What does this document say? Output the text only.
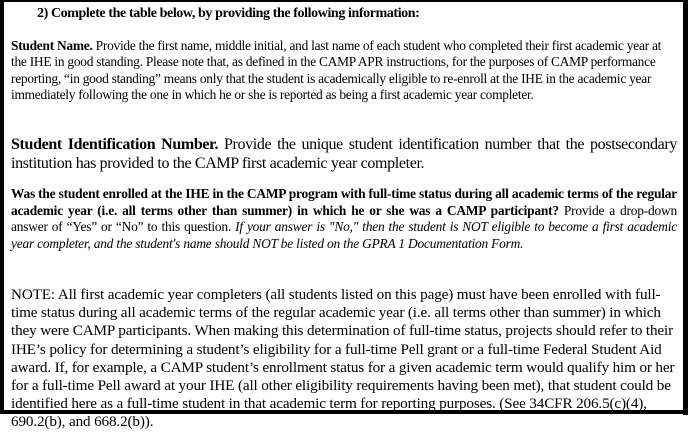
2) Complete the table below, by providing the following information:
Student Name. Provide the first name, middle initial, and last name of each student who completed their first academic year at the IHE in good standing. Please note that, as defined in the CAMP APR instructions, for the purposes of CAMP performance reporting, “in good standing” means only that the student is academically eligible to re-enroll at the IHE in the academic year immediately following the one in which he or she is reported as being a first academic year completer.
Student Identification Number. Provide the unique student identification number that the postsecondary institution has provided to the CAMP first academic year completer.
Was the student enrolled at the IHE in the CAMP program with full-time status during all academic terms of the regular academic year (i.e. all terms other than summer) in which he or she was a CAMP participant? Provide a drop-down answer of “Yes” or “No” to this question. If your answer is "No," then the student is NOT eligible to become a first academic year completer, and the student's name should NOT be listed on the GPRA 1 Documentation Form.
NOTE: All first academic year completers (all students listed on this page) must have been enrolled with full-time status during all academic terms of the regular academic year (i.e. all terms other than summer) in which they were CAMP participants. When making this determination of full-time status, projects should refer to their IHE’s policy for determining a student’s eligibility for a full-time Pell grant or a full-time Federal Student Aid award. If, for example, a CAMP student’s enrollment status for a given academic term would qualify him or her for a full-time Pell award at your IHE (all other eligibility requirements having been met), that student could be identified here as a full-time student in that academic term for reporting purposes. (See 34CFR 206.5(c)(4), 690.2(b), and 668.2(b)).
